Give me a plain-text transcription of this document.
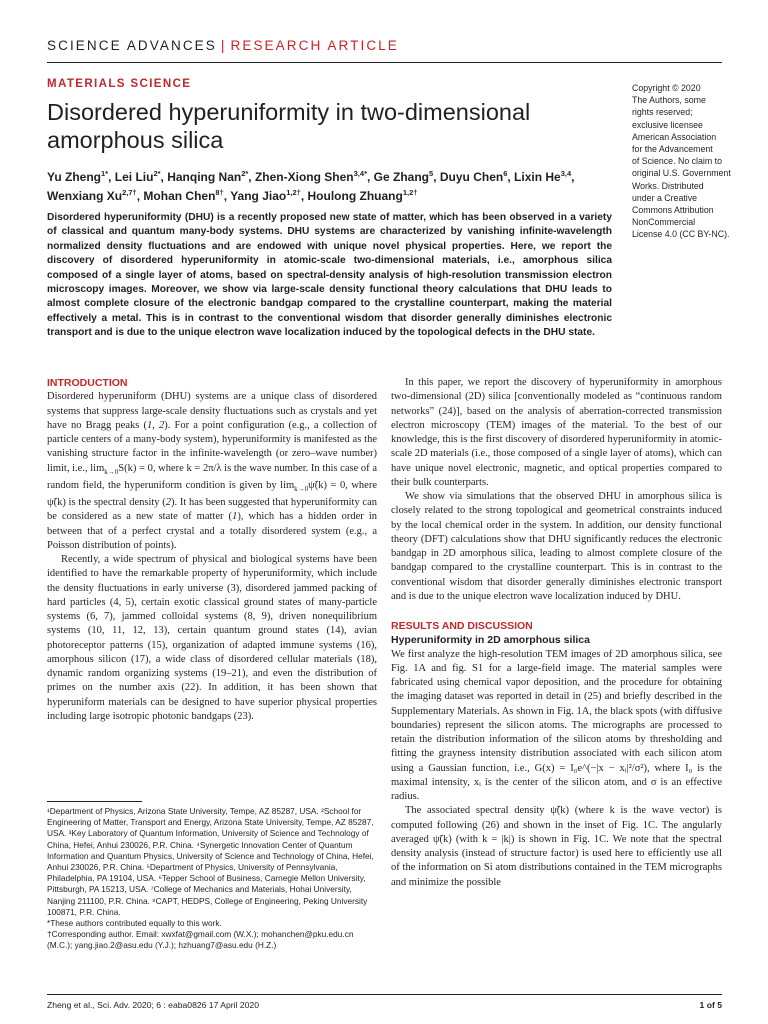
SCIENCE ADVANCES | RESEARCH ARTICLE
MATERIALS SCIENCE
Disordered hyperuniformity in two-dimensional amorphous silica
Yu Zheng$^{1*}$, Lei Liu$^{2*}$, Hanqing Nan$^{2*}$, Zhen-Xiong Shen$^{3,4*}$, Ge Zhang$^5$, Duyu Chen$^6$, Lixin He$^{3,4}$, Wenxiang $Xu^{2,7\dagger}$, Mohan Chen$^{8\dagger}$, Yang Jiao$^{1,2\dagger}$, Houlong Zhuang$^{1,2\dagger}$

Disordered hyperuniformity (DHU) is a recently proposed new state of matter, which has been observed in a variety of classical and quantum many-body systems. DHU systems are characterized by vanishing infinite-wavelength normalized density fluctuations and are endowed with unique novel physical properties. Here, we report the discovery of disordered hyperuniformity in atomic-scale two-dimensional materials, i.e., amorphous silica composed of a single layer of atoms, based on spectral-density analysis of high-resolution transmission electron microscopy images. Moreover, we show via large-scale density functional theory calculations that DHU leads to almost complete closure of the electronic bandgap compared to the crystalline counterpart, making the material effectively a metal. This is in contrast to the conventional wisdom that disorder generally diminishes electronic transport and is due to the unique electron wave localization induced by the topological defects in the DHU state.

Copyright © 2020
The Authors, some
rights reserved;
exclusive licensee
American Association
for the Advancement
of Science. No claim to
original U.S. Government
Works. Distributed
under a Creative
Commons Attribution
NonCommercial
License 4.0 (CC BY-NC).
INTRODUCTION

Disordered hyperuniform (DHU) systems are a unique class of disordered systems that suppress large-scale density fluctuations such as crystals and yet have no Bragg peaks (1, 2). For a point configuration (e.g., a collection of particle centers of a many-body system), hyperuniformity is manifested as the vanishing structure factor in the infinite-wavelength (or zero–wave number) limit, i.e., $\lim_{k\to 0}S(k) = 0$, where k = 2π/λ is the wave number. In this case of a random field, the hyperuniform condition is given by $\lim_{k\to 0}\psĩ(k) = 0$, where ψ̃(k) is the spectral density (2). It has been suggested that hyperuniformity can be considered as a new state of matter (1), which has a hidden order in between that of a perfect crystal and a totally disordered system (e.g., a Poisson distribution of points).

Recently, a wide spectrum of physical and biological systems have been identified to have the remarkable property of hyperuniformity, which include the density fluctuations in early universe (3), disordered jammed packing of hard particles (4, 5), certain exotic classical ground states of many-particle systems (6, 7), jammed colloidal systems (8, 9), driven nonequilibrium systems (10, 11, 12, 13), certain quantum ground states (14), avian photoreceptor patterns (15), organization of adapted immune systems (16), amorphous silicon (17), a wide class of disordered cellular materials (18), dynamic random organizing systems (19–21), and even the distribution of primes on the number axis (22). In addition, it has been shown that hyperuniform materials can be designed to have superior physical properties including large isotropic photonic bandgaps (23).

In this paper, we report the discovery of hyperuniformity in amorphous two-dimensional (2D) silica [conventionally modeled as “continuous random networks” (24)], based on the analysis of aberration-corrected transmission electron microscopy (TEM) images of the material. To the best of our knowledge, this is the first discovery of disordered hyperuniformity in atomic-scale 2D materials (i.e., those composed of a single layer of atoms), which can have unique novel electronic, magnetic, and optical properties compared to their bulk counterparts.

We show via simulations that the observed DHU in amorphous silica is closely related to the strong topological and geometrical constraints induced by the local chemical order in the system. In addition, our density functional theory (DFT) calculations show that DHU significantly reduces the electronic bandgap in 2D amorphous silica, leading to almost complete closure of the bandgap compared to the crystalline counterpart. This is in contrast to the conventional wisdom that disorder generally diminishes electronic transport and is due to the unique electron wave localization induced by DHU.

RESULTS AND DISCUSSION
Hyperuniformity in 2D amorphous silica

We first analyze the high-resolution TEM images of 2D amorphous silica, see Fig. 1A and fig. S1 for a large-field image. The material samples were fabricated using chemical vapor deposition, and the procedure for obtaining the imaging dataset was reported in detail in (25) and briefly described in the Supplementary Materials. As shown in Fig. 1A, the black spots (with diffusive boundaries) represent the silicon atoms. The micrographs are processed to retain the distribution information of the silicon atoms by thresholding and fitting the grayness intensity distribution associated with each silicon atom using a Gaussian function, i.e., G(x) = I₀e^(−|x − xᵢ|²/σ²), where I₀ is the maximal intensity, xᵢ is the center of the silicon atom, and σ is an effective radius.

The associated spectral density ψ̃(k) (where k is the wave vector) is computed following (26) and shown in the inset of Fig. 1C. The angularly averaged ψ̃(k) (with k = |k|) is shown in Fig. 1C. We note that the spectral density analysis (instead of structure factor) is used here to efficiently use all of the information on Si atom distributions contained in the TEM micrographs and minimize the possible

¹Department of Physics, Arizona State University, Tempe, AZ 85287, USA. ²School for Engineering of Matter, Transport and Energy, Arizona State University, Tempe, AZ 85287, USA. ³Key Laboratory of Quantum Information, University of Science and Technology of China, Hefei, Anhui 230026, P.R. China. ⁴Synergetic Innovation Center of Quantum Information and Quantum Physics, University of Science and Technology of China, Hefei, Anhui 230026, P.R. China. ⁵Department of Physics, University of Pennsylvania, Philadelphia, PA 19104, USA. ⁶Tepper School of Business, Carnegie Mellon University, Pittsburgh, PA 15213, USA. ⁷College of Mechanics and Materials, Hohai University, Nanjing 211100, P.R. China. ⁸CAPT, HEDPS, College of Engineering, Peking University 100871, P.R. China.
*These authors contributed equally to this work.
†Corresponding author. Email: xwxfat@gmail.com (W.X.); mohanchen@pku.edu.cn (M.C.); yang.jiao.2@asu.edu (Y.J.); hzhuang7@asu.edu (H.Z.)
Zheng et al., Sci. Adv. 2020; 6 : eaba0826 17 April 2020	1 of 5
